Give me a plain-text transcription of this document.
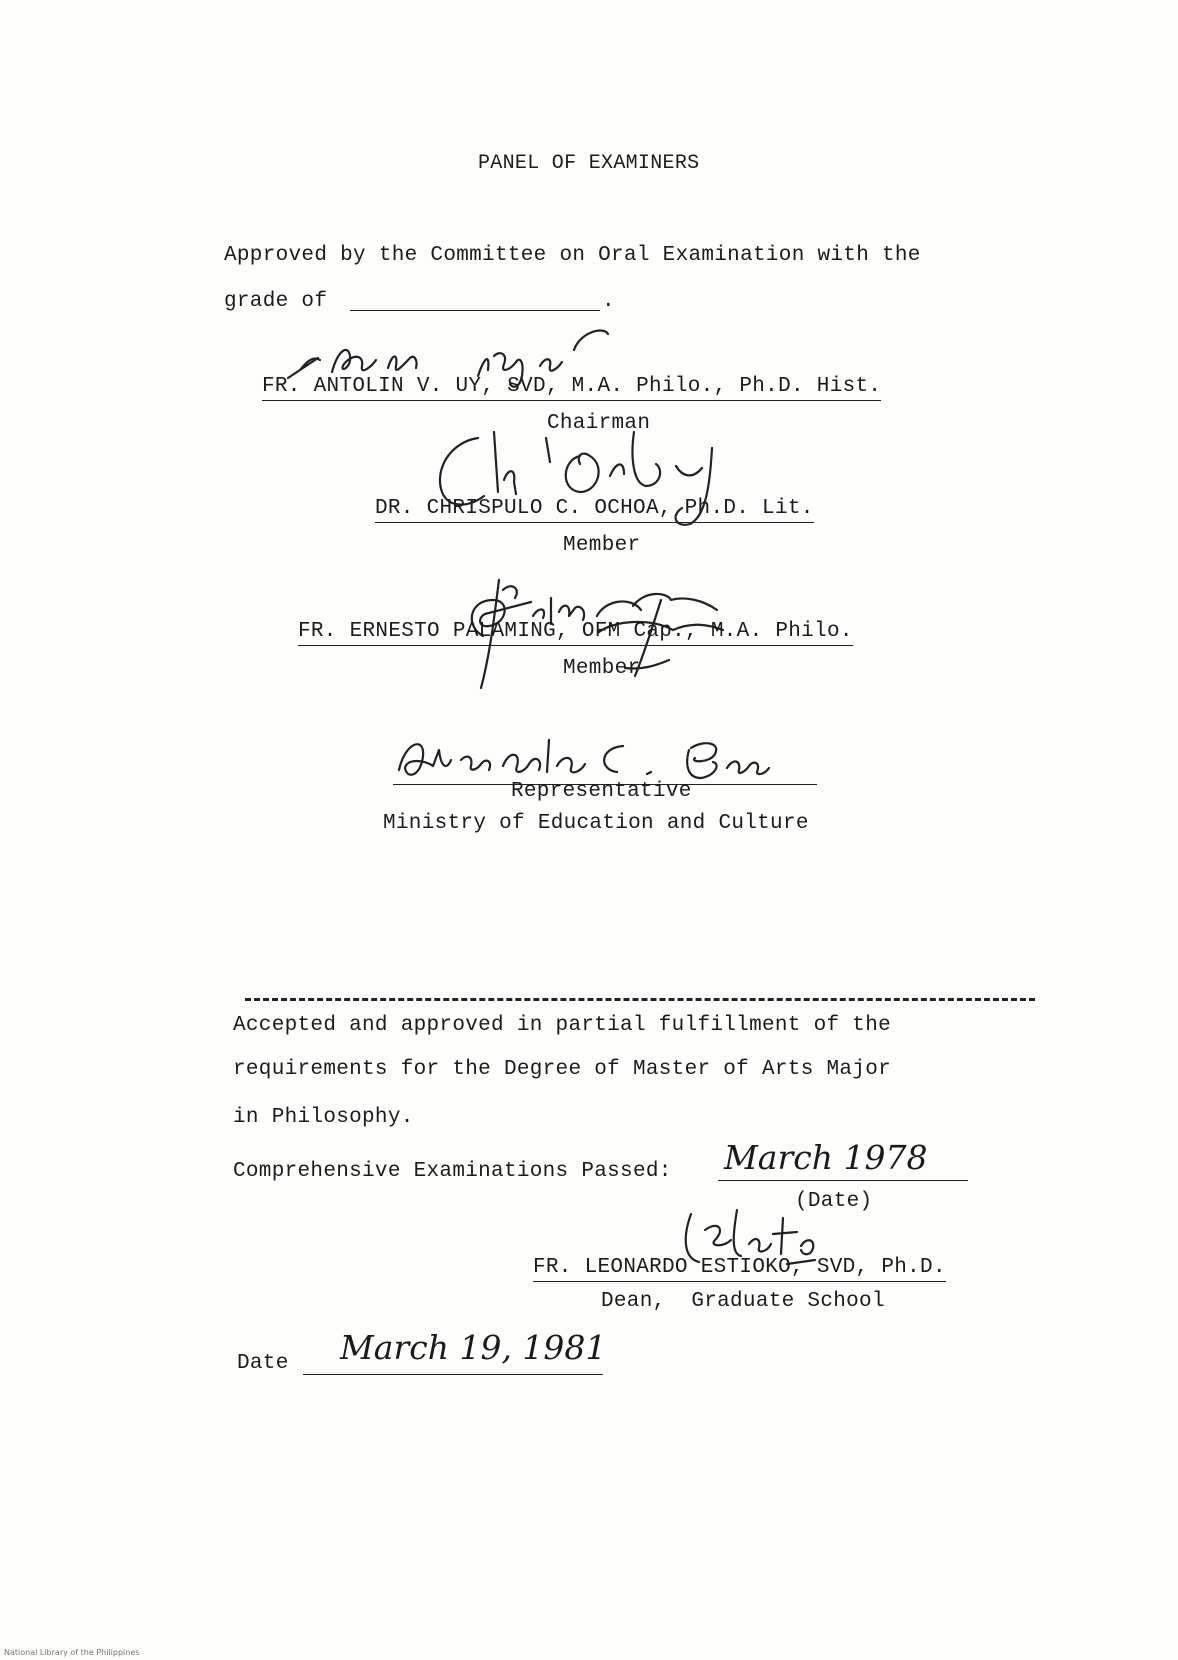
PANEL OF EXAMINERS
Approved by the Committee on Oral Examination with the
grade of	.
FR. ANTOLIN V. UY, SVD, M.A. Philo., Ph.D. Hist.
Chairman
DR. CHRISPULO C. OCHOA, Ph.D. Lit.
Member
FR. ERNESTO PALAMING, OFM Cap., M.A. Philo.
Member
Representative
Ministry of Education and Culture
Accepted and approved in partial fulfillment of the
requirements for the Degree of Master of Arts Major
in Philosophy.
Comprehensive Examinations Passed: March 1978
(Date)
FR. LEONARDO ESTIOKO, SVD, Ph.D.
Dean,  Graduate School
Date March 19, 1981
National Library of the Philippines
